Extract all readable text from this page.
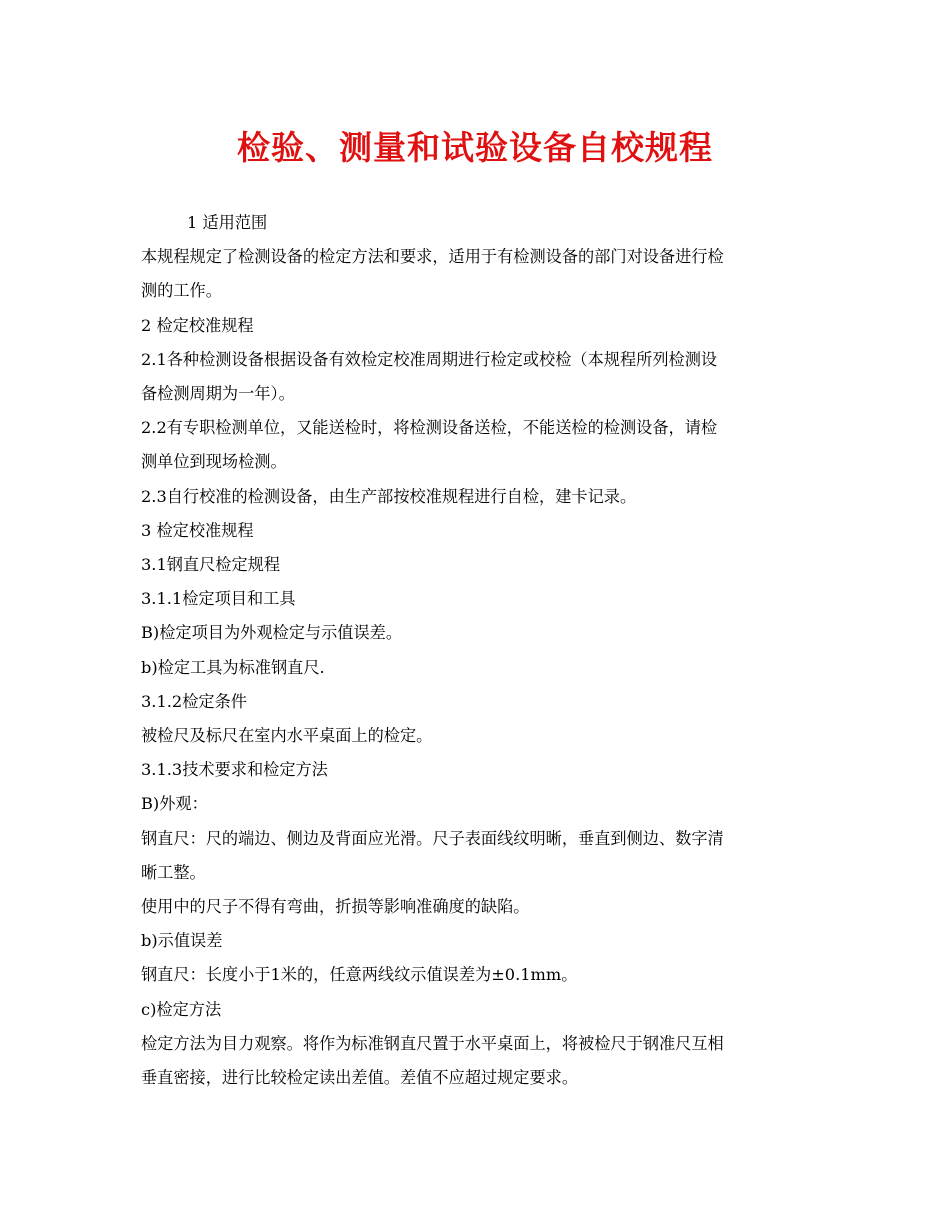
检验、测量和试验设备自校规程

1 适用范围

本规程规定了检测设备的检定方法和要求，适用于有检测设备的部门对设备进行检

测的工作。

2 检定校准规程

2.1各种检测设备根据设备有效检定校准周期进行检定或校检（本规程所列检测设

备检测周期为一年）。

2.2有专职检测单位，又能送检时，将检测设备送检，不能送检的检测设备，请检

测单位到现场检测。

2.3自行校准的检测设备，由生产部按校准规程进行自检，建卡记录。

3 检定校准规程

3.1钢直尺检定规程

3.1.1检定项目和工具

B)检定项目为外观检定与示值误差。

b)检定工具为标准钢直尺.

3.1.2检定条件

被检尺及标尺在室内水平桌面上的检定。

3.1.3技术要求和检定方法

B)外观：

钢直尺：尺的端边、侧边及背面应光滑。尺子表面线纹明晰，垂直到侧边、数字清

晰工整。

使用中的尺子不得有弯曲，折损等影响准确度的缺陷。

b)示值误差

钢直尺：长度小于1米的，任意两线纹示值误差为±0.1mm。

c)检定方法

检定方法为目力观察。将作为标准钢直尺置于水平桌面上，将被检尺于钢准尺互相

垂直密接，进行比较检定读出差值。差值不应超过规定要求。
